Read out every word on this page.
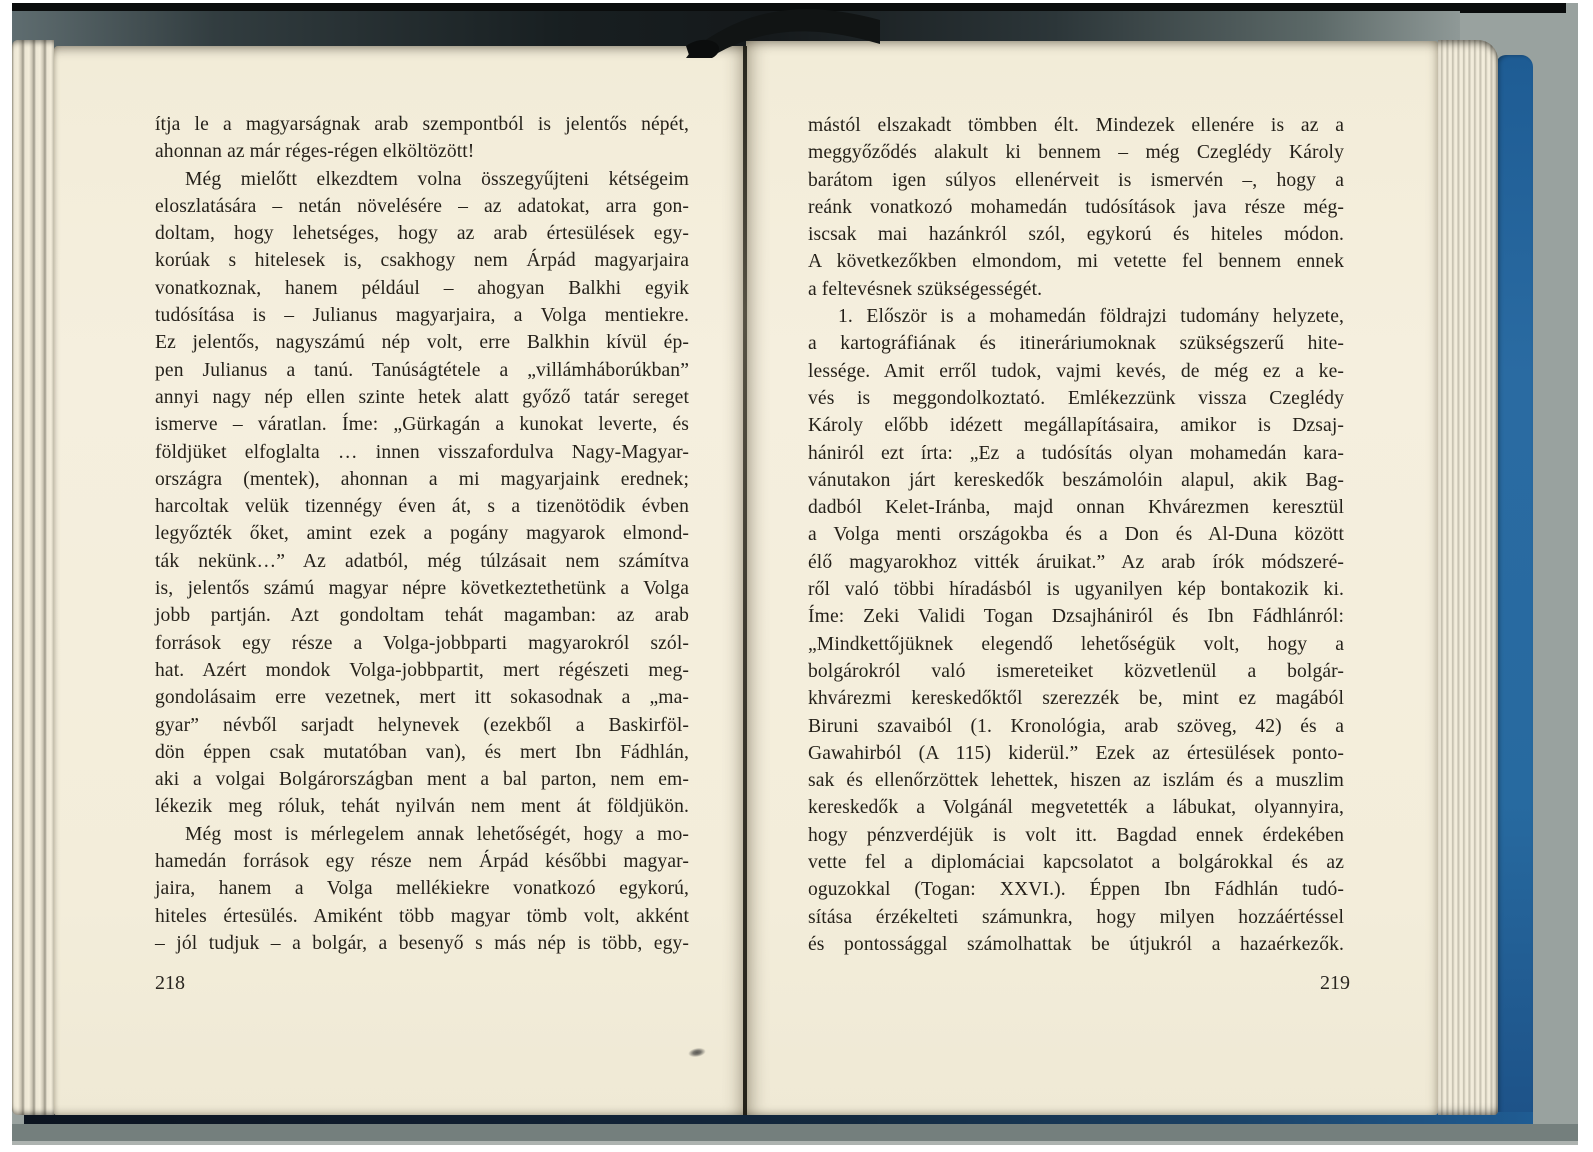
ítja le a magyarságnak arab szempontból is jelentős népét,
ahonnan az már réges-régen elköltözött!
Még mielőtt elkezdtem volna összegyűjteni kétségeim
eloszlatására – netán növelésére – az adatokat, arra gon-
doltam, hogy lehetséges, hogy az arab értesülések egy-
korúak s hitelesek is, csakhogy nem Árpád magyarjaira
vonatkoznak, hanem például – ahogyan Balkhi egyik
tudósítása is – Julianus magyarjaira, a Volga mentiekre.
Ez jelentős, nagyszámú nép volt, erre Balkhin kívül ép-
pen Julianus a tanú. Tanúságtétele a „villámháborúkban”
annyi nagy nép ellen szinte hetek alatt győző tatár sereget
ismerve – váratlan. Íme: „Gürkagán a kunokat leverte, és
földjüket elfoglalta … innen visszafordulva Nagy-Magyar-
országra (mentek), ahonnan a mi magyarjaink erednek;
harcoltak velük tizennégy éven át, s a tizenötödik évben
legyőzték őket, amint ezek a pogány magyarok elmond-
ták nekünk…” Az adatból, még túlzásait nem számítva
is, jelentős számú magyar népre következtethetünk a Volga
jobb partján. Azt gondoltam tehát magamban: az arab
források egy része a Volga-jobbparti magyarokról szól-
hat. Azért mondok Volga-jobbpartit, mert régészeti meg-
gondolásaim erre vezetnek, mert itt sokasodnak a „ma-
gyar” névből sarjadt helynevek (ezekből a Baskirföl-
dön éppen csak mutatóban van), és mert Ibn Fádhlán,
aki a volgai Bolgárországban ment a bal parton, nem em-
lékezik meg róluk, tehát nyilván nem ment át földjükön.
Még most is mérlegelem annak lehetőségét, hogy a mo-
hamedán források egy része nem Árpád későbbi magyar-
jaira, hanem a Volga mellékiekre vonatkozó egykorú,
hiteles értesülés. Amiként több magyar tömb volt, akként
– jól tudjuk – a bolgár, a besenyő s más nép is több, egy-
mástól elszakadt tömbben élt. Mindezek ellenére is az a
meggyőződés alakult ki bennem – még Czeglédy Károly
barátom igen súlyos ellenérveit is ismervén –, hogy a
reánk vonatkozó mohamedán tudósítások java része még-
iscsak mai hazánkról szól, egykorú és hiteles módon.
A következőkben elmondom, mi vetette fel bennem ennek
a feltevésnek szükségességét.
1. Először is a mohamedán földrajzi tudomány helyzete,
a kartográfiának és itineráriumoknak szükségszerű hite-
lessége. Amit erről tudok, vajmi kevés, de még ez a ke-
vés is meggondolkoztató. Emlékezzünk vissza Czeglédy
Károly előbb idézett megállapításaira, amikor is Dzsaj-
hániról ezt írta: „Ez a tudósítás olyan mohamedán kara-
vánutakon járt kereskedők beszámolóin alapul, akik Bag-
dadból Kelet-Iránba, majd onnan Khvárezmen keresztül
a Volga menti országokba és a Don és Al-Duna között
élő magyarokhoz vitték áruikat.” Az arab írók módszeré-
ről való többi híradásból is ugyanilyen kép bontakozik ki.
Íme: Zeki Validi Togan Dzsajhániról és Ibn Fádhlánról:
„Mindkettőjüknek elegendő lehetőségük volt, hogy a
bolgárokról való ismereteiket közvetlenül a bolgár-
khvárezmi kereskedőktől szerezzék be, mint ez magából
Biruni szavaiból (1. Kronológia, arab szöveg, 42) és a
Gawahirból (A 115) kiderül.” Ezek az értesülések ponto-
sak és ellenőrzöttek lehettek, hiszen az iszlám és a muszlim
kereskedők a Volgánál megvetették a lábukat, olyannyira,
hogy pénzverdéjük is volt itt. Bagdad ennek érdekében
vette fel a diplomáciai kapcsolatot a bolgárokkal és az
oguzokkal (Togan: XXVI.). Éppen Ibn Fádhlán tudó-
sítása érzékelteti számunkra, hogy milyen hozzáértéssel
és pontossággal számolhattak be útjukról a hazaérkezők.
218	219
